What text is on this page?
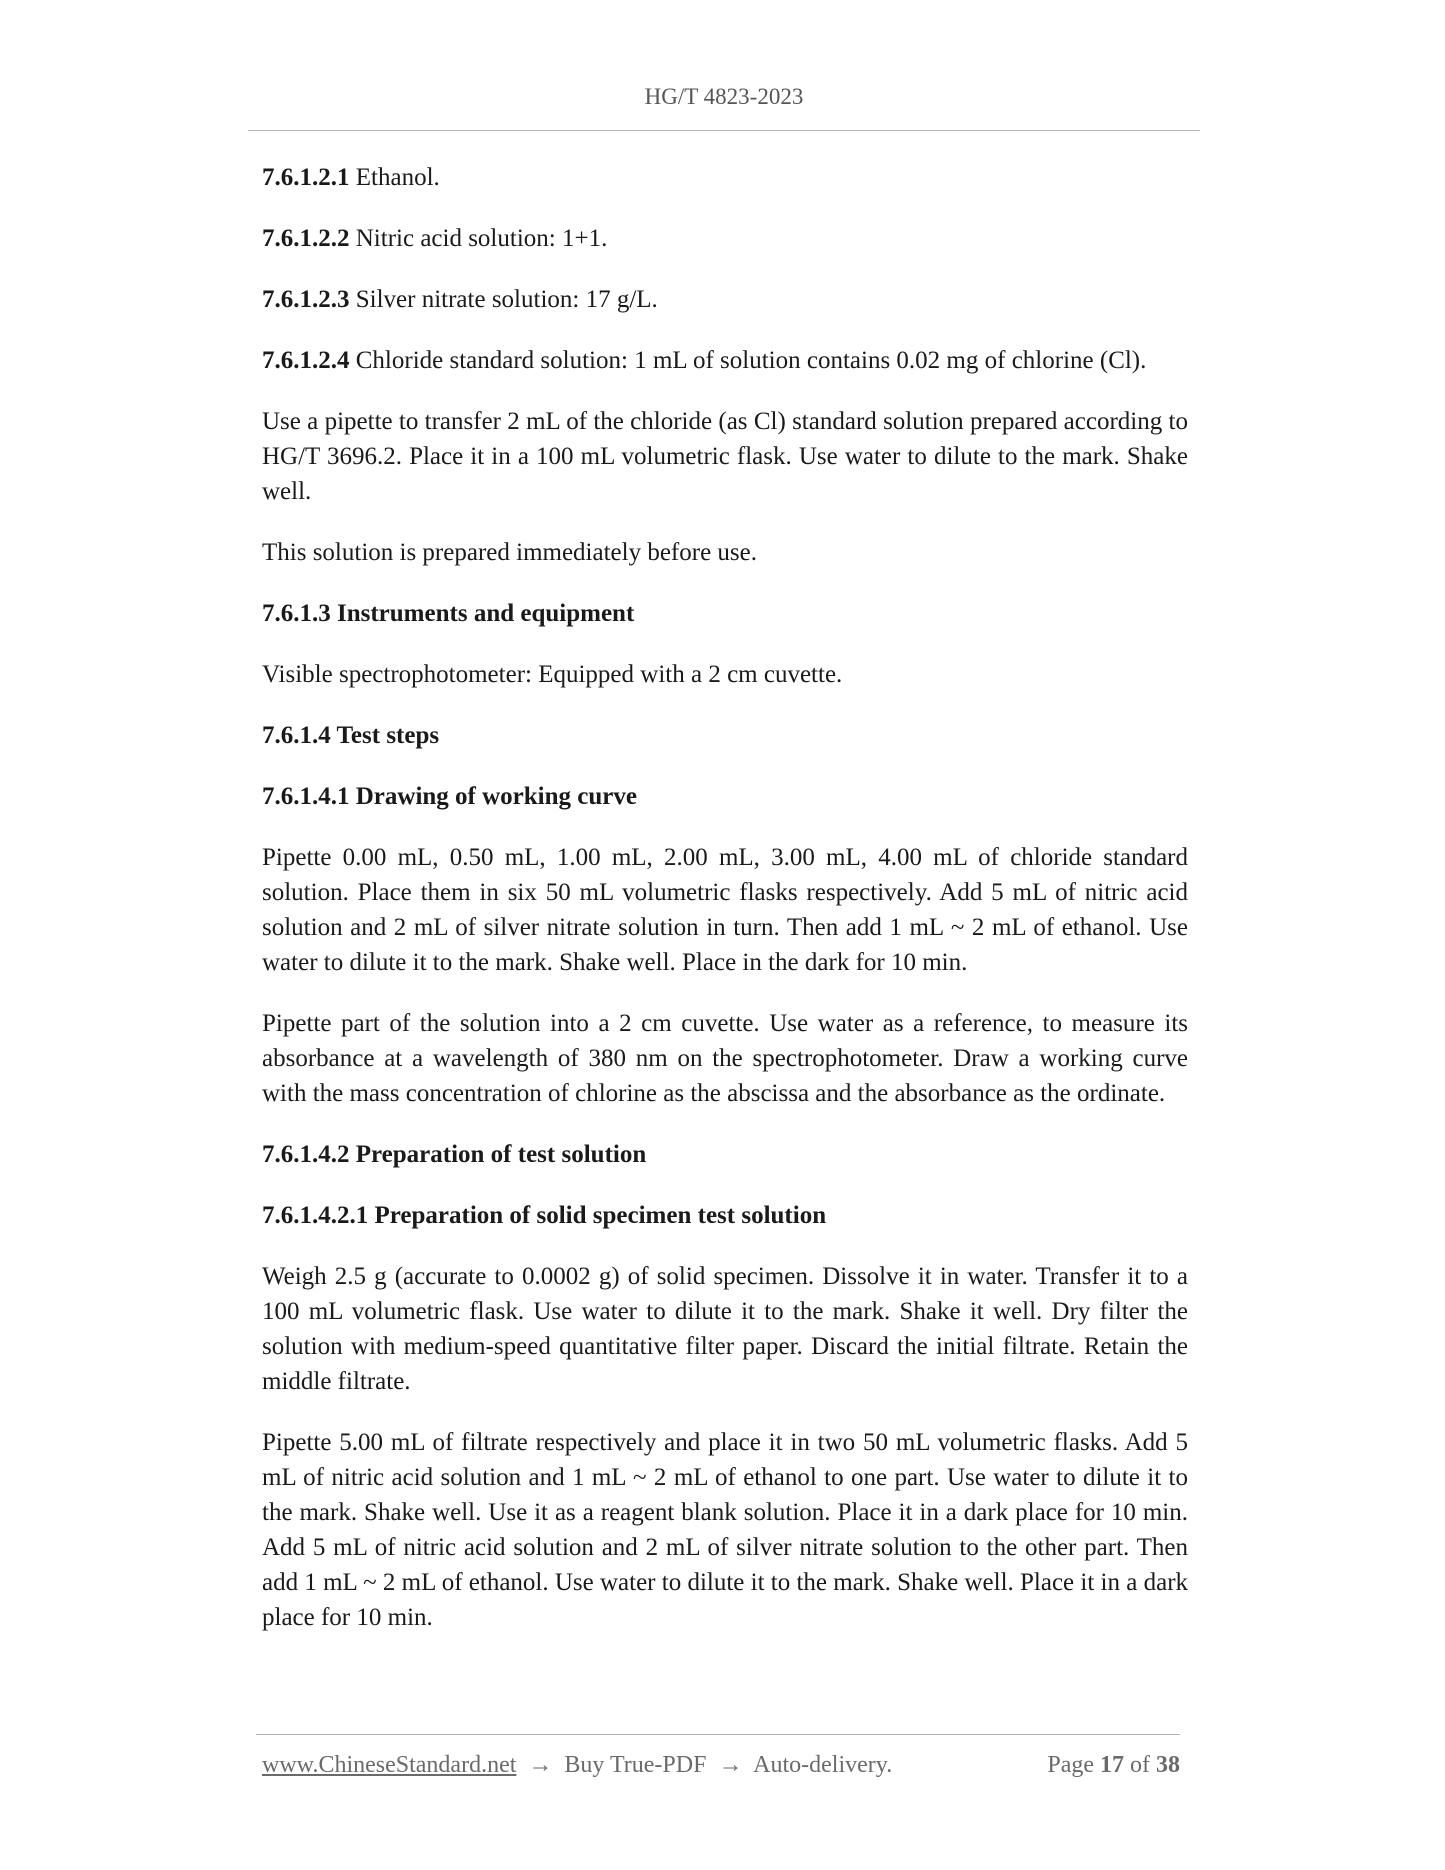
HG/T 4823-2023
7.6.1.2.1 Ethanol.
7.6.1.2.2 Nitric acid solution: 1+1.
7.6.1.2.3 Silver nitrate solution: 17 g/L.
7.6.1.2.4 Chloride standard solution: 1 mL of solution contains 0.02 mg of chlorine (Cl).
Use a pipette to transfer 2 mL of the chloride (as Cl) standard solution prepared according to HG/T 3696.2. Place it in a 100 mL volumetric flask. Use water to dilute to the mark. Shake well.
This solution is prepared immediately before use.
7.6.1.3 Instruments and equipment
Visible spectrophotometer: Equipped with a 2 cm cuvette.
7.6.1.4 Test steps
7.6.1.4.1 Drawing of working curve
Pipette 0.00 mL, 0.50 mL, 1.00 mL, 2.00 mL, 3.00 mL, 4.00 mL of chloride standard solution. Place them in six 50 mL volumetric flasks respectively. Add 5 mL of nitric acid solution and 2 mL of silver nitrate solution in turn. Then add 1 mL ~ 2 mL of ethanol. Use water to dilute it to the mark. Shake well. Place in the dark for 10 min.
Pipette part of the solution into a 2 cm cuvette. Use water as a reference, to measure its absorbance at a wavelength of 380 nm on the spectrophotometer. Draw a working curve with the mass concentration of chlorine as the abscissa and the absorbance as the ordinate.
7.6.1.4.2 Preparation of test solution
7.6.1.4.2.1 Preparation of solid specimen test solution
Weigh 2.5 g (accurate to 0.0002 g) of solid specimen. Dissolve it in water. Transfer it to a 100 mL volumetric flask. Use water to dilute it to the mark. Shake it well. Dry filter the solution with medium-speed quantitative filter paper. Discard the initial filtrate. Retain the middle filtrate.
Pipette 5.00 mL of filtrate respectively and place it in two 50 mL volumetric flasks. Add 5 mL of nitric acid solution and 1 mL ~ 2 mL of ethanol to one part. Use water to dilute it to the mark. Shake well. Use it as a reagent blank solution. Place it in a dark place for 10 min. Add 5 mL of nitric acid solution and 2 mL of silver nitrate solution to the other part. Then add 1 mL ~ 2 mL of ethanol. Use water to dilute it to the mark. Shake well. Place it in a dark place for 10 min.
www.ChineseStandard.net → Buy True-PDF → Auto-delivery.	Page 17 of 38
